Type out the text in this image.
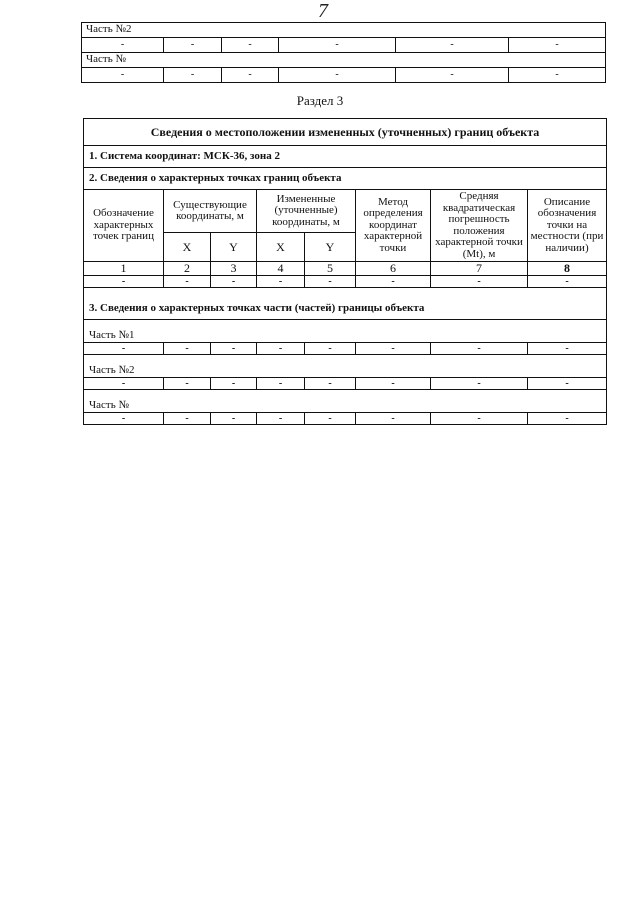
7
Часть №2					
-	-	-	-	-	-
Часть №					
-	-	-	-	-	-
Раздел 3
Сведения о местоположении измененных (уточненных) границ объекта							
1. Система координат: МСК-36, зона 2							
2. Сведения о характерных точках границ объекта							
Обозначение характерных точек границ	Существующие координаты, м		Измененные (уточненные) координаты, м		Метод определения координат характерной точки	Средняя квадратическая погрешность положения характерной точки (Mt), м	Описание обозначения точки на местности (при наличии)
	X	Y	X	Y			
1	2	3	4	5	6	7	8
-	-	-	-	-	-	-	-

3. Сведения о характерных точках части (частей) границы объекта							

Часть №1							
-	-	-	-	-	-	-	-

Часть №2							
-	-	-	-	-	-	-	-

Часть №							
-	-	-	-	-	-	-	-
